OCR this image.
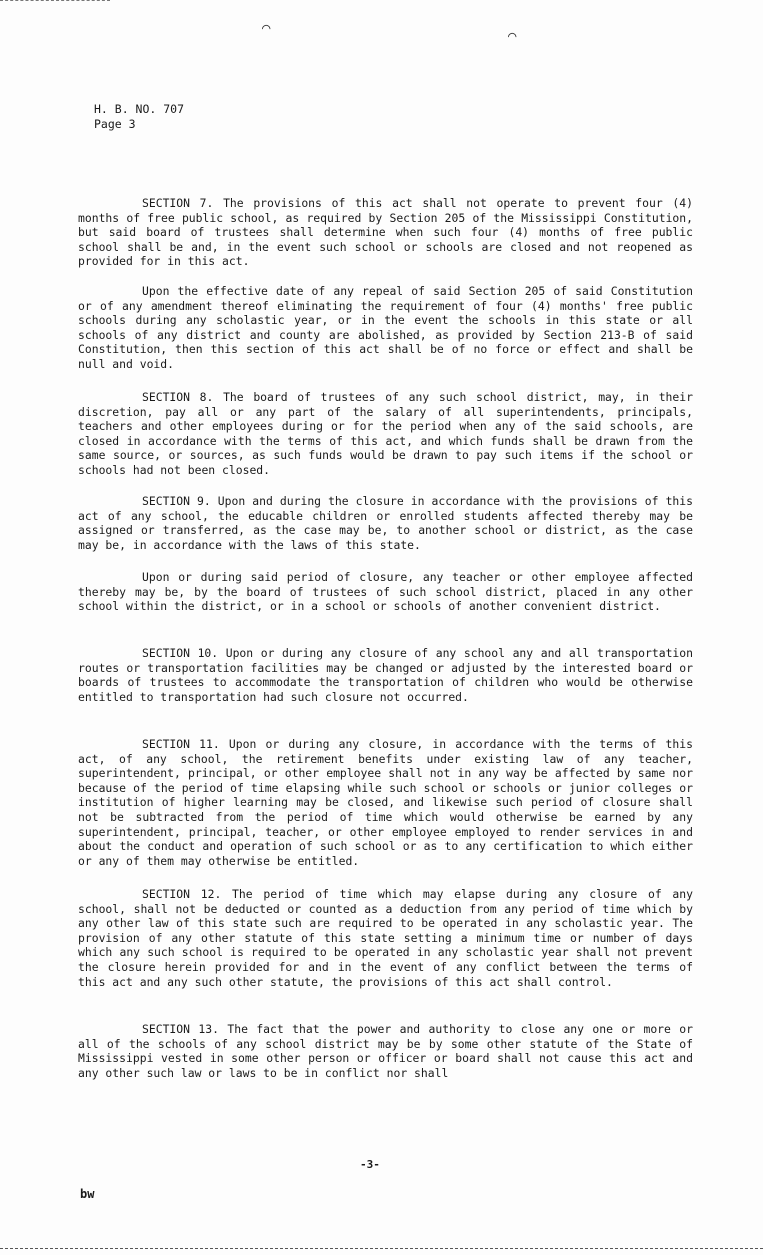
⌒	⌒
H. B. NO. 707
Page 3

SECTION 7. The provisions of this act shall not operate to prevent four (4) months of free public school, as required by Section 205 of the Mississippi Constitution, but said board of trustees shall determine when such four (4) months of free public school shall be and, in the event such school or schools are closed and not reopened as provided for in this act.

Upon the effective date of any repeal of said Section 205 of said Constitution or of any amendment thereof eliminating the requirement of four (4) months' free public schools during any scholastic year, or in the event the schools in this state or all schools of any district and county are abolished, as provided by Section 213-B of said Constitution, then this section of this act shall be of no force or effect and shall be null and void.

SECTION 8. The board of trustees of any such school district, may, in their discretion, pay all or any part of the salary of all superintendents, principals, teachers and other employees during or for the period when any of the said schools, are closed in accordance with the terms of this act, and which funds shall be drawn from the same source, or sources, as such funds would be drawn to pay such items if the school or schools had not been closed.

SECTION 9. Upon and during the closure in accordance with the provisions of this act of any school, the educable children or enrolled students affected thereby may be assigned or transferred, as the case may be, to another school or district, as the case may be, in accordance with the laws of this state.

Upon or during said period of closure, any teacher or other employee affected thereby may be, by the board of trustees of such school district, placed in any other school within the district, or in a school or schools of another convenient district.

SECTION 10. Upon or during any closure of any school any and all transportation routes or transportation facilities may be changed or adjusted by the interested board or boards of trustees to accommodate the transportation of children who would be otherwise entitled to transportation had such closure not occurred.

SECTION 11. Upon or during any closure, in accordance with the terms of this act, of any school, the retirement benefits under existing law of any teacher, superintendent, principal, or other employee shall not in any way be affected by same nor because of the period of time elapsing while such school or schools or junior colleges or institution of higher learning may be closed, and likewise such period of closure shall not be subtracted from the period of time which would otherwise be earned by any superintendent, principal, teacher, or other employee employed to render services in and about the conduct and operation of such school or as to any certification to which either or any of them may otherwise be entitled.

SECTION 12. The period of time which may elapse during any closure of any school, shall not be deducted or counted as a deduction from any period of time which by any other law of this state such are required to be operated in any scholastic year. The provision of any other statute of this state setting a minimum time or number of days which any such school is required to be operated in any scholastic year shall not prevent the closure herein provided for and in the event of any conflict between the terms of this act and any such other statute, the provisions of this act shall control.

SECTION 13. The fact that the power and authority to close any one or more or all of the schools of any school district may be by some other statute of the State of Mississippi vested in some other person or officer or board shall not cause this act and any other such law or laws to be in conflict nor shall

-3-
bw
